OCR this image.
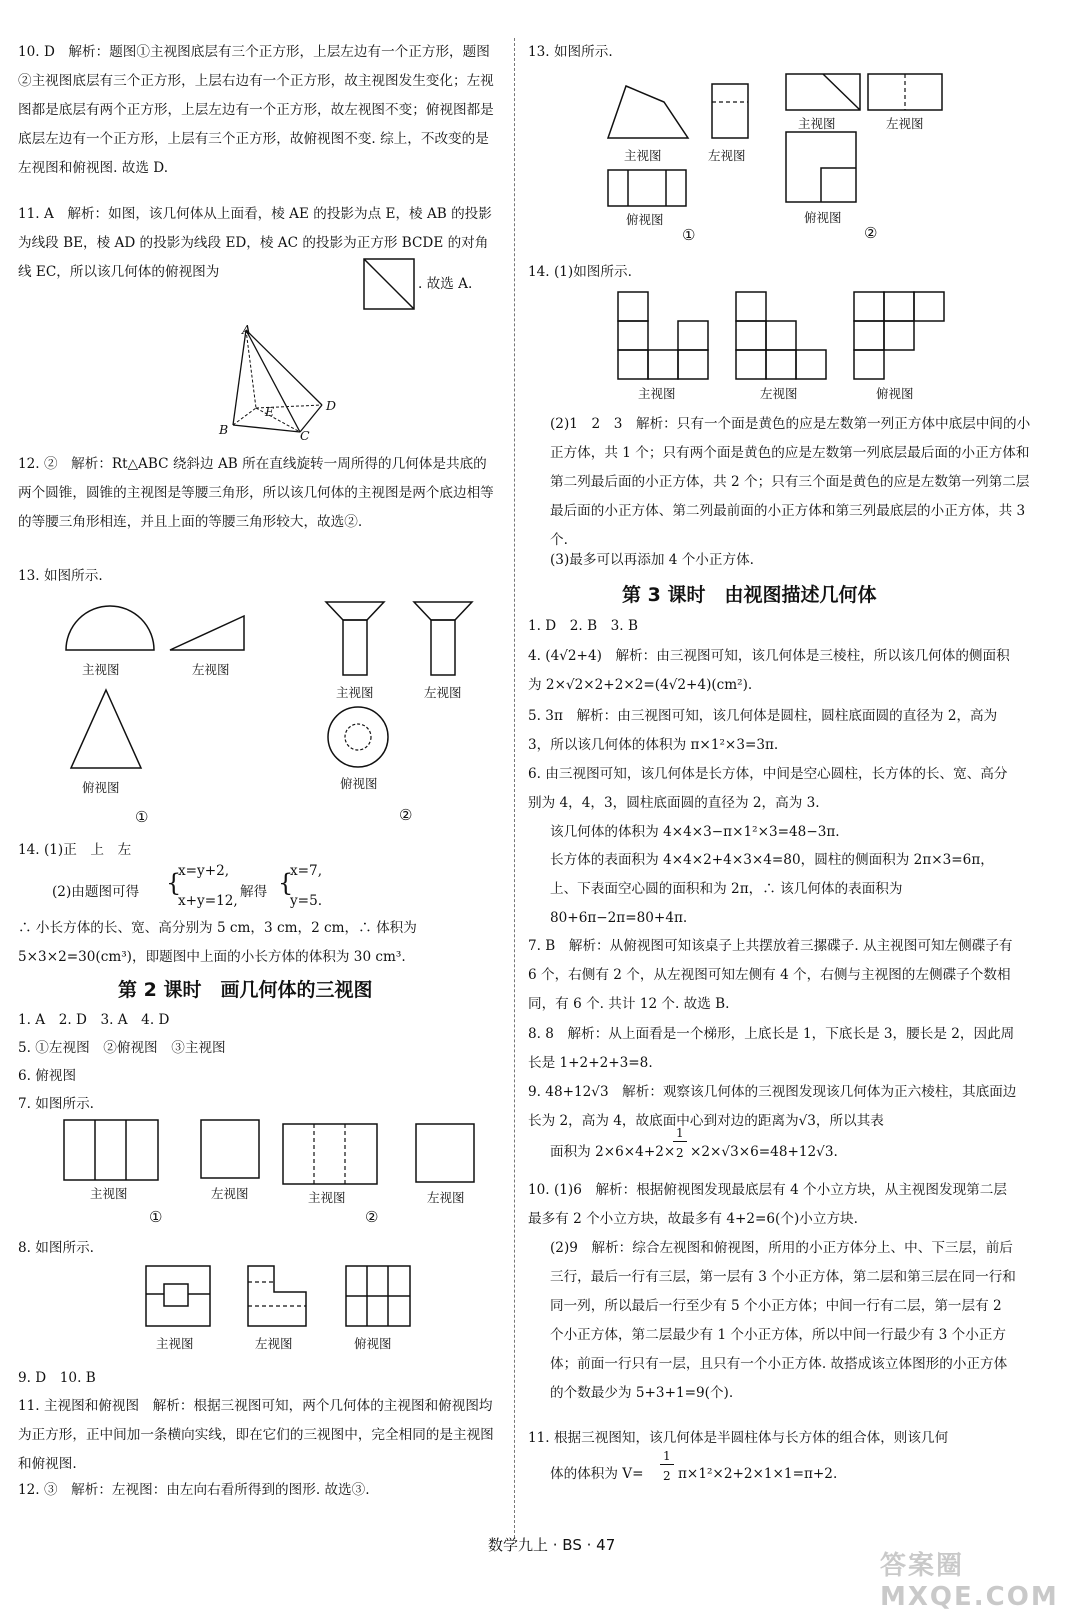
10. D　解析：题图①主视图底层有三个正方形，上层左边有一个正方形，题图②主视图底层有三个正方形，上层右边有一个正方形，故主视图发生变化；左视图都是底层有两个正方形，上层左边有一个正方形，故左视图不变；俯视图都是底层左边有一个正方形，上层有三个正方形，故俯视图不变. 综上，不改变的是左视图和俯视图. 故选 D.

11. A　解析：如图，该几何体从上面看，棱 AE 的投影为点 E，棱 AB 的投影为线段 BE，棱 AD 的投影为线段 ED，棱 AC 的投影为正方形 BCDE 的对角线 EC，所以该几何体的俯视图为

. 故选 A.
A
E	D
B	C

12. ②　解析：Rt△ABC 绕斜边 AB 所在直线旋转一周所得的几何体是共底的两个圆锥，圆锥的主视图是等腰三角形，所以该几何体的主视图是两个底边相等的等腰三角形相连，并且上面的等腰三角形较大，故选②.

13. 如图所示.

主视图	左视图
主视图	左视图
俯视图	俯视图
①	②

14. (1)正　上　左

(2)由题图可得 {
x=y+2,
x+y=12,
解得 {
x=7,
y=5.

∴ 小长方体的长、宽、高分别为 5 cm，3 cm，2 cm，∴ 体积为 5×3×2=30(cm³)，即题图中上面的小长方体的体积为 30 cm³.

第 2 课时　画几何体的三视图

1. A　2. D　3. A　4. D

5. ①左视图　②俯视图　③主视图

6. 俯视图

7. 如图所示.

主视图	左视图	主视图	左视图
①	②

8. 如图所示.

主视图	左视图	俯视图

9. D　10. B

11. 主视图和俯视图　解析：根据三视图可知，两个几何体的主视图和俯视图均为正方形，正中间加一条横向实线，即在它们的三视图中，完全相同的是主视图和俯视图.

12. ③　解析：左视图：由左向右看所得到的图形. 故选③.

13. 如图所示.

主视图	左视图
主视图	左视图
俯视图	俯视图
①	②

14. (1)如图所示.

主视图	左视图	俯视图

(2)1　2　3　解析：只有一个面是黄色的应是左数第一列正方体中底层中间的小正方体，共 1 个；只有两个面是黄色的应是左数第一列底层最后面的小正方体和第二列最后面的小正方体，共 2 个；只有三个面是黄色的应是左数第一列第二层最后面的小正方体、第二列最前面的小正方体和第三列最底层的小正方体，共 3 个.

(3)最多可以再添加 4 个小正方体.

第 3 课时　由视图描述几何体

1. D　2. B　3. B

4. (4√2+4)　解析：由三视图可知，该几何体是三棱柱，所以该几何体的侧面积为 2×√2×2+2×2=(4√2+4)(cm²).

5. 3π　解析：由三视图可知，该几何体是圆柱，圆柱底面圆的直径为 2，高为 3，所以该几何体的体积为 π×1²×3=3π.

6. 由三视图可知，该几何体是长方体，中间是空心圆柱，长方体的长、宽、高分别为 4，4，3，圆柱底面圆的直径为 2，高为 3.

该几何体的体积为 4×4×3−π×1²×3=48−3π.

长方体的表面积为 4×4×2+4×3×4=80，圆柱的侧面积为 2π×3=6π，上、下表面空心圆的面积和为 2π，∴ 该几何体的表面积为 80+6π−2π=80+4π.

7. B　解析：从俯视图可知该桌子上共摆放着三摞碟子. 从主视图可知左侧碟子有 6 个，右侧有 2 个，从左视图可知左侧有 4 个，右侧与主视图的左侧碟子个数相同，有 6 个. 共计 12 个. 故选 B.

8. 8　解析：从上面看是一个梯形，上底长是 1，下底长是 3，腰长是 2，因此周长是 1+2+2+3=8.

9. 48+12√3　解析：观察该几何体的三视图发现该几何体为正六棱柱，其底面边长为 2，高为 4，故底面中心到对边的距离为√3，所以其表

面积为 2×6×4+2×
1
2 ×2×√3×6=48+12√3.

10. (1)6　解析：根据俯视图发现最底层有 4 个小立方块，从主视图发现第二层最多有 2 个小立方块，故最多有 4+2=6(个)小立方块.

(2)9　解析：综合左视图和俯视图，所用的小正方体分上、中、下三层，前后三行，最后一行有三层，第一层有 3 个小正方体，第二层和第三层在同一行和同一列，所以最后一行至少有 5 个小正方体；中间一行有二层，第一层有 2 个小正方体，第二层最少有 1 个小正方体，所以中间一行最少有 3 个小正方体；前面一行只有一层，且只有一个小正方体. 故搭成该立体图形的小正方体的个数最少为 5+3+1=9(个).

11. 根据三视图知，该几何体是半圆柱体与长方体的组合体，则该几何

体的体积为 V=
1
2 π×1²×2+2×1×1=π+2.
数学九上 · BS · 47
答案圈 MXQE.COM
